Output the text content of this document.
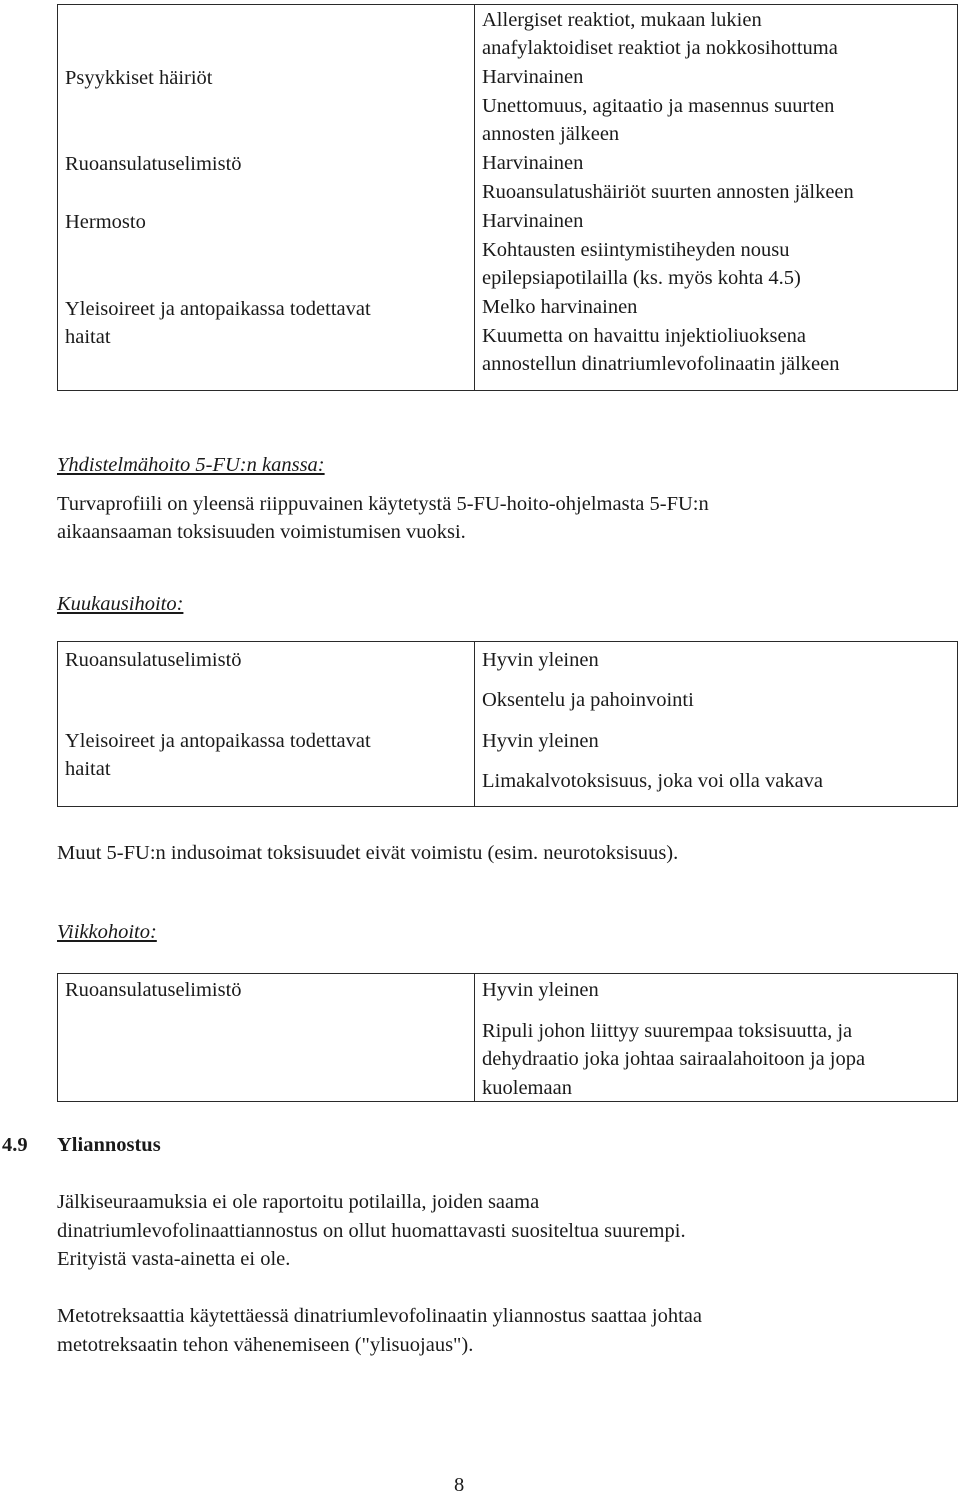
Psyykkiset häiriöt
Ruoansulatuselimistö
Hermosto
Yleisoireet ja antopaikassa todettavat
haitat
Allergiset reaktiot, mukaan lukien
anafylaktoidiset reaktiot ja nokkosihottuma
Harvinainen
Unettomuus, agitaatio ja masennus suurten
annosten jälkeen
Harvinainen
Ruoansulatushäiriöt suurten annosten jälkeen
Harvinainen
Kohtausten esiintymistiheyden nousu
epilepsiapotilailla (ks. myös kohta 4.5)
Melko harvinainen
Kuumetta on havaittu injektioliuoksena
annostellun dinatriumlevofolinaatin jälkeen
Yhdistelmähoito 5-FU:n kanssa:
Turvaprofiili on yleensä riippuvainen käytetystä 5-FU-hoito-ohjelmasta 5-FU:n
aikaansaaman toksisuuden voimistumisen vuoksi.
Kuukausihoito:
Ruoansulatuselimistö
Yleisoireet ja antopaikassa todettavat
haitat
Hyvin yleinen
Oksentelu ja pahoinvointi
Hyvin yleinen
Limakalvotoksisuus, joka voi olla vakava
Muut 5-FU:n indusoimat toksisuudet eivät voimistu (esim. neurotoksisuus).
Viikkohoito:
Ruoansulatuselimistö	Hyvin yleinen
Ripuli johon liittyy suurempaa toksisuutta, ja
dehydraatio joka johtaa sairaalahoitoon ja jopa
kuolemaan
4.9 Yliannostus
Jälkiseuraamuksia ei ole raportoitu potilailla, joiden saama
dinatriumlevofolinaattiannostus on ollut huomattavasti suositeltua suurempi.
Erityistä vasta-ainetta ei ole.
Metotreksaattia käytettäessä dinatriumlevofolinaatin yliannostus saattaa johtaa
metotreksaatin tehon vähenemiseen ("ylisuojaus").
8
